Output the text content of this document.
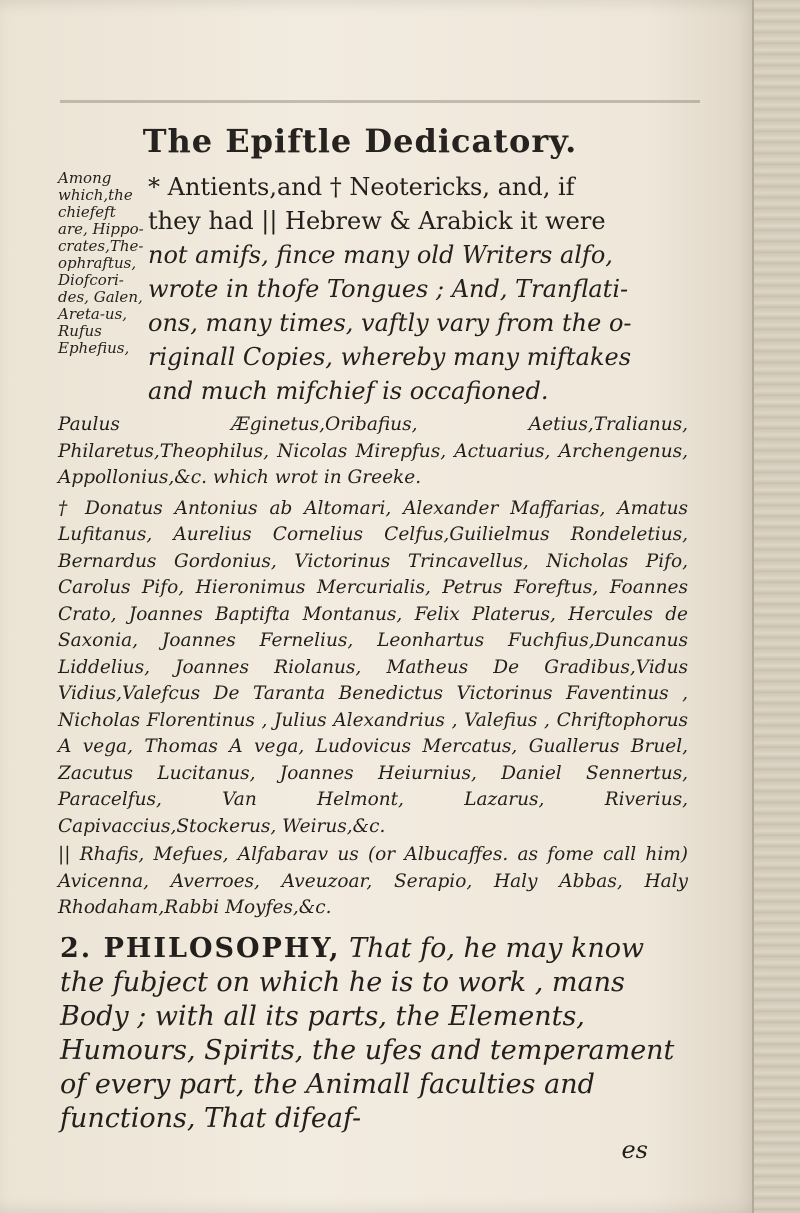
The Epiftle Dedicatory.
Among which,the chiefeft are, Hippo-crates,The-ophraftus, Diofcori-des, Galen, Areta-us, Rufus Ephefius,
* Antients,and † Neotericks, and, if
they had || Hebrew & Arabick it were
not amifs, fince many old Writers alfo,
wrote in thofe Tongues ; And, Tranflati-
ons, many times, vaftly vary from the o-
riginall Copies, whereby many miftakes
and much mifchief is occafioned.
Paulus Æginetus,Oribafius, Aetius,Tralianus, Philaretus,Theophilus, Nicolas Mirepfus, Actuarius, Archengenus, Appollonius,&c. which wrot in Greeke.
† Donatus Antonius ab Altomari, Alexander Maffarias, Amatus Lufitanus, Aurelius Cornelius Celfus,Guilielmus Rondeletius, Bernardus Gordonius, Victorinus Trincavellus, Nicholas Pifo, Carolus Pifo, Hieronimus Mercurialis, Petrus Foreftus, Foannes Crato, Joannes Baptifta Montanus, Felix Platerus, Hercules de Saxonia, Joannes Fernelius, Leonhartus Fuchfius,Duncanus Liddelius, Joannes Riolanus, Matheus De Gradibus,Vidus Vidius,Valefcus De Taranta Benedictus Victorinus Faventinus , Nicholas Florentinus , Julius Alexandrius , Valefius , Chriftophorus A vega, Thomas A vega, Ludovicus Mercatus, Guallerus Bruel, Zacutus Lucitanus, Joannes Heiurnius, Daniel Sennertus, Paracelfus, Van Helmont, Lazarus, Riverius, Capivaccius,Stockerus, Weirus,&c.
|| Rhafis, Mefues, Alfabarav us (or Albucaffes. as fome call him) Avicenna, Averroes, Aveuzoar, Serapio, Haly Abbas, Haly Rhodaham,Rabbi Moyfes,&c.
2. PHILOSOPHY, That fo, he may know the fubject on which he is to work , mans Body ; with all its parts, the Elements, Humours, Spirits, the ufes and temperament of every part, the Animall faculties and functions, That difeaf-
es
